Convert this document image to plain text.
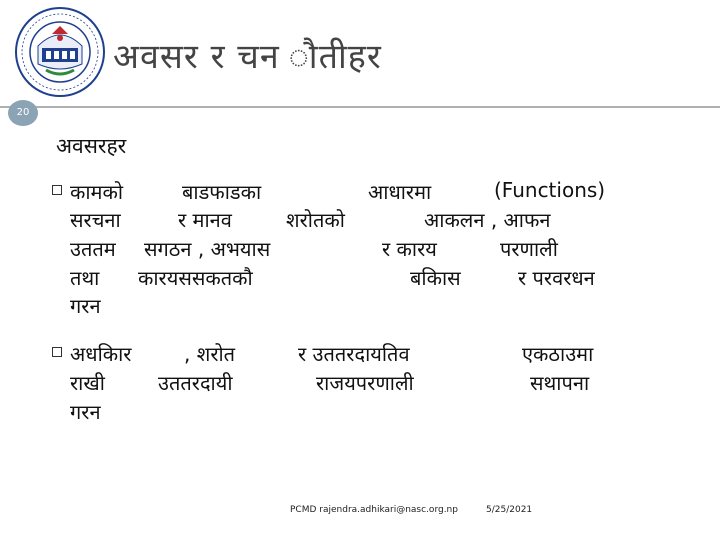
अवसर र चन ौतीहर
20
अवसरहर
कामको	बाडफाडका	आधारमा	(Functions)
सरचना	र मानव	शरोतको	आकलन , आफन
उततम सगठन , अभयास	र कारय	परणाली
तथा कारयससकतकौ	बकिास	र परवरधन
गरन
अधकिार	, शरोत	र उततरदायतिव	एकठाउमा
राखी	उततरदायी	राजयपरणाली	सथापना
गरन
PCMD rajendra.adhikari@nasc.org.np	5/25/2021
